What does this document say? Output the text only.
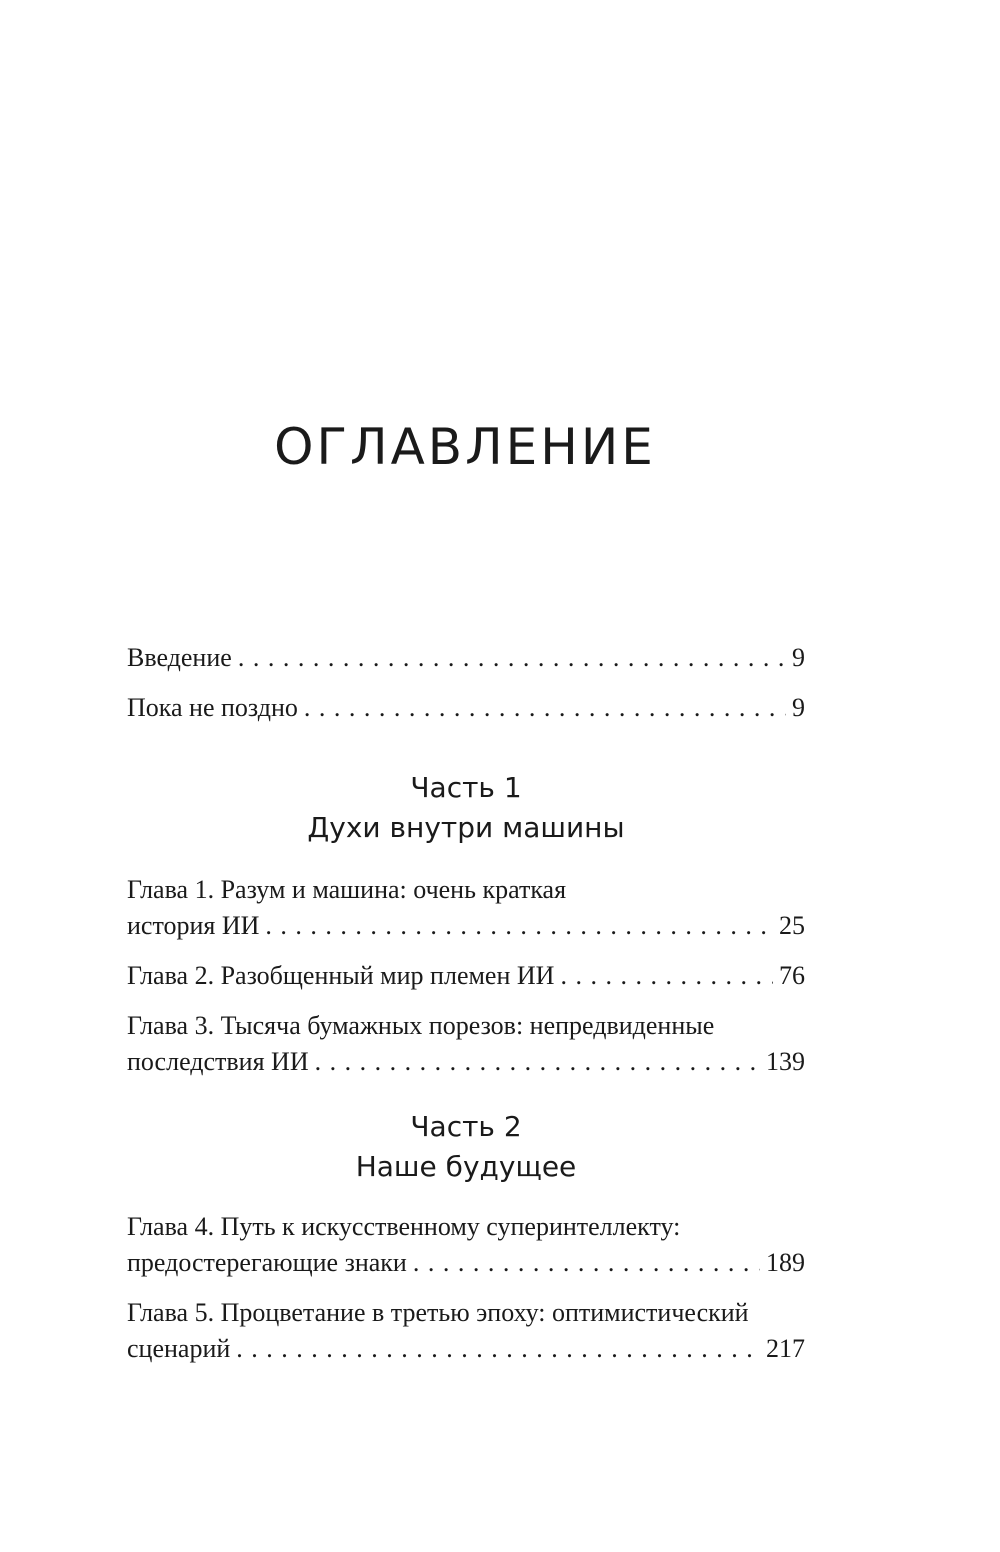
ОГЛАВЛЕНИЕ
Введение . . .	9
Пока не поздно . . .	9
Часть 1
Духи внутри машины
Глава 1. Разум и машина: очень краткая
история ИИ . . .	25
Глава 2. Разобщенный мир племен ИИ . . .	76
Глава 3. Тысяча бумажных порезов: непредвиденные
последствия ИИ . . .	139
Часть 2
Наше будущее
Глава 4. Путь к искусственному суперинтеллекту:
предостерегающие знаки . . .	189
Глава 5. Процветание в третью эпоху: оптимистический
сценарий . . .	217
